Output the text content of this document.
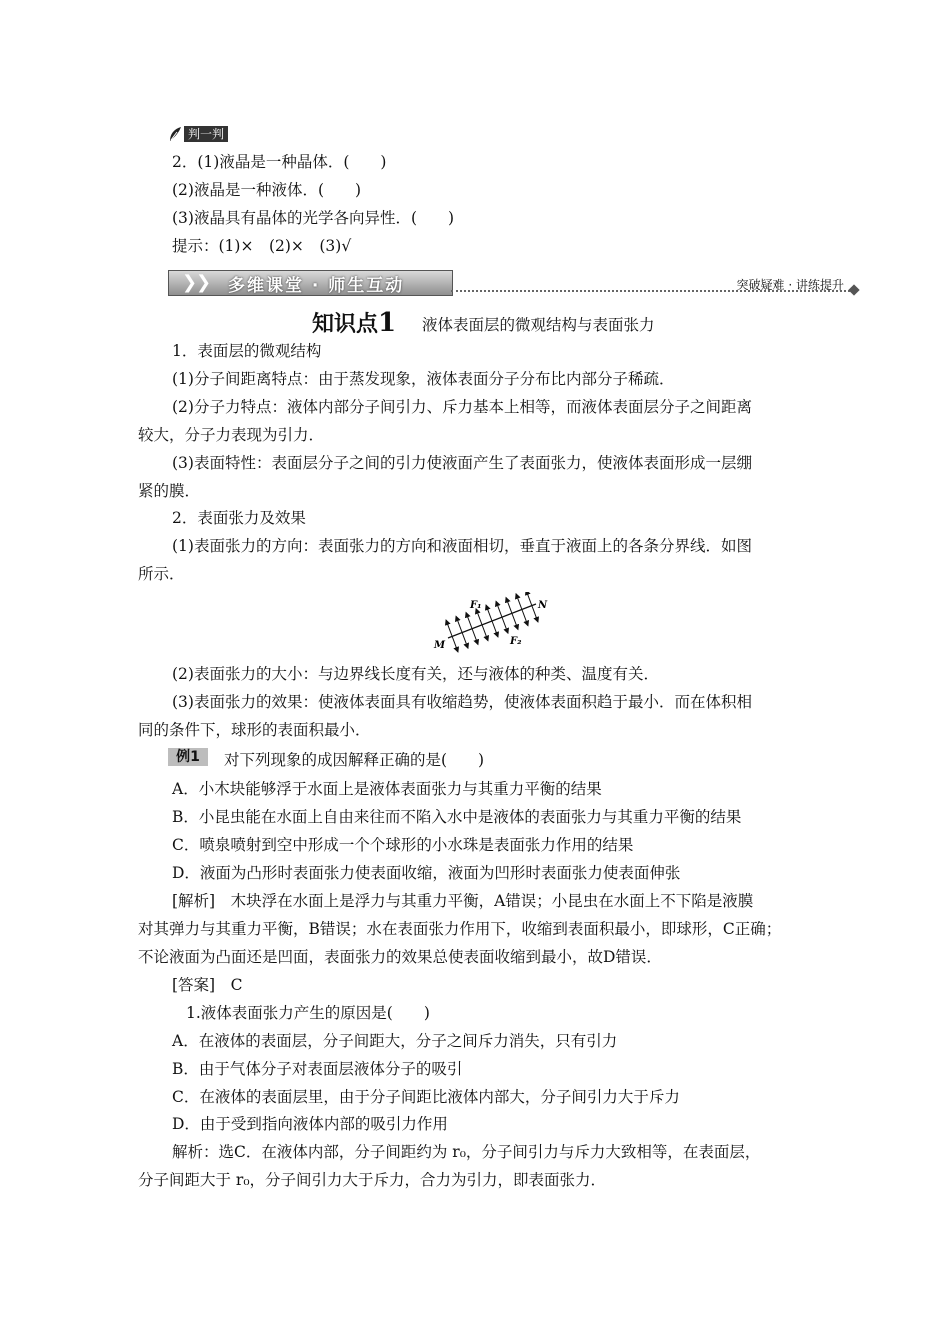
判一判
2．(1)液晶是一种晶体．(　　)
(2)液晶是一种液体．(　　)
(3)液晶具有晶体的光学各向异性．(　　)
提示：(1)×　(2)×　(3)√
❯
❯ 多维课堂 · 师生互动	突破疑难 · 讲练提升
知识点1 液体表面层的微观结构与表面张力
1．表面层的微观结构
(1)分子间距离特点：由于蒸发现象，液体表面分子分布比内部分子稀疏．
(2)分子力特点：液体内部分子间引力、斥力基本上相等，而液体表面层分子之间距离
较大，分子力表现为引力．
(3)表面特性：表面层分子之间的引力使液面产生了表面张力，使液体表面形成一层绷
紧的膜．
2．表面张力及效果
(1)表面张力的方向：表面张力的方向和液面相切，垂直于液面上的各条分界线．如图
所示．
F₁
F₂
M
N
(2)表面张力的大小：与边界线长度有关，还与液体的种类、温度有关．
(3)表面张力的效果：使液体表面具有收缩趋势，使液体表面积趋于最小．而在体积相
同的条件下，球形的表面积最小．
例1	对下列现象的成因解释正确的是(　　)
A．小木块能够浮于水面上是液体表面张力与其重力平衡的结果
B．小昆虫能在水面上自由来往而不陷入水中是液体的表面张力与其重力平衡的结果
C．喷泉喷射到空中形成一个个球形的小水珠是表面张力作用的结果
D．液面为凸形时表面张力使表面收缩，液面为凹形时表面张力使表面伸张
[解析]　木块浮在水面上是浮力与其重力平衡，A错误；小昆虫在水面上不下陷是液膜
对其弹力与其重力平衡，B错误；水在表面张力作用下，收缩到表面积最小，即球形，C正确；
不论液面为凸面还是凹面，表面张力的效果总使表面收缩到最小，故D错误．
[答案]　C
1.液体表面张力产生的原因是(　　)
A．在液体的表面层，分子间距大，分子之间斥力消失，只有引力
B．由于气体分子对表面层液体分子的吸引
C．在液体的表面层里，由于分子间距比液体内部大，分子间引力大于斥力
D．由于受到指向液体内部的吸引力作用
解析：选C．在液体内部，分子间距约为 r₀，分子间引力与斥力大致相等，在表面层，
分子间距大于 r₀，分子间引力大于斥力，合力为引力，即表面张力．
